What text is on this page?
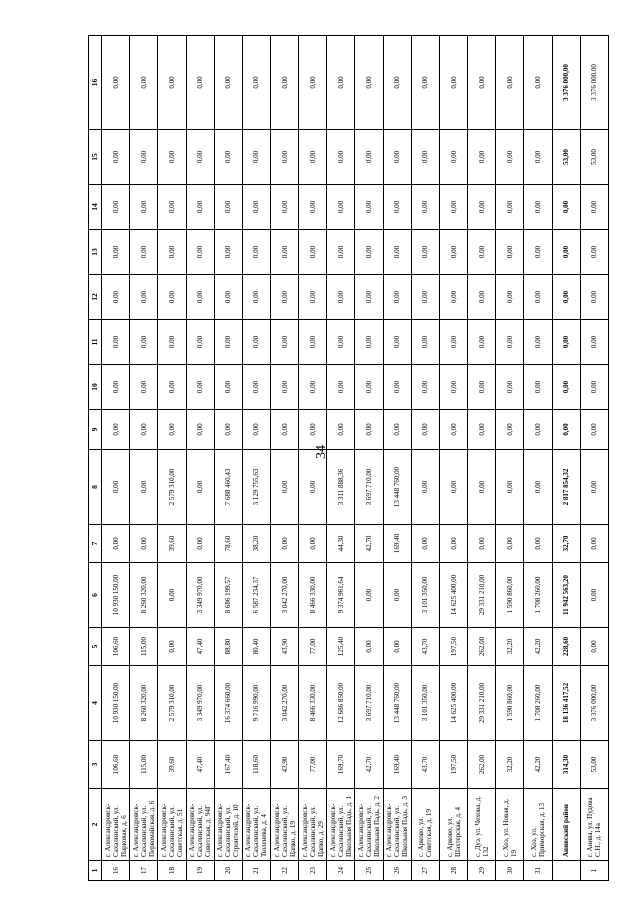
34
1	2	3	4	5	6	7	8	9	10	11	12	13	14	15	16
16	г. Александровск-Сахалинский, ул. Парковая, д. 6	106,60	10 930 150,00	106,60	10 930 150,00	0,00	0,00	0,00	0,00	0,00	0,00	0,00	0,00	0,00	0,00
17	г. Александровск-Сахалинский, ул. Первомайская, д. 6	115,00	8 260 320,00	115,00	8 260 320,00	0,00	0,00	0,00	0,00	0,00	0,00	0,00	0,00	0,00	0,00
18	г. Александровск-Сахалинский, ул. Советская, д. 51	39,60	2 579 310,00	0,00	0,00	39,60	2 579 310,00	0,00	0,00	0,00	0,00	0,00	0,00	0,00	0,00
19	г. Александровск-Сахалинский, ул. Советская, д. 94Г	47,40	3 349 970,00	47,40	3 349 970,00	0,00	0,00	0,00	0,00	0,00	0,00	0,00	0,00	0,00	0,00
20	г. Александровск-Сахалинский, ул. Строителей, д. 10	167,40	16 374 660,00	88,80	8 686 199,57	78,60	7 688 460,43	0,00	0,00	0,00	0,00	0,00	0,00	0,00	0,00
21	г. Александровск-Сахалинский, ул. Тюленева, д. 4	118,60	9 716 990,00	80,40	6 587 234,37	38,20	3 129 755,63	0,00	0,00	0,00	0,00	0,00	0,00	0,00	0,00
22	г. Александровск-Сахалинский, ул. Цапко, д. 19	43,90	3 042 270,00	43,90	3 042 270,00	0,00	0,00	0,00	0,00	0,00	0,00	0,00	0,00	0,00	0,00
23	г. Александровск-Сахалинский, ул. Цапко, д. 29	77,00	8 466 330,00	77,00	8 466 330,00	0,00	0,00	0,00	0,00	0,00	0,00	0,00	0,00	0,00	0,00
24	г. Александровск-Сахалинский, ул. Школьная Падь, д. 1	169,70	12 686 850,00	125,40	9 374 961,64	44,30	3 311 888,36	0,00	0,00	0,00	0,00	0,00	0,00	0,00	0,00
25	г. Александровск-Сахалинский, ул. Школьная Падь, д. 2	42,70	3 697 710,00	0,00	0,00	42,70	3 697 710,00	0,00	0,00	0,00	0,00	0,00	0,00	0,00	0,00
26	г. Александровск-Сахалинский, ул. Школьная Падь, д. 3	169,40	13 448 760,00	0,00	0,00	169,40	13 448 760,00	0,00	0,00	0,00	0,00	0,00	0,00	0,00	0,00
27	с. Арково, ул. Советская, д. 19	43,70	3 101 350,00	43,70	3 101 350,00	0,00	0,00	0,00	0,00	0,00	0,00	0,00	0,00	0,00	0,00
28	с. Арково, ул. Шахтерская, д. 4	197,50	14 625 400,00	197,50	14 625 400,00	0,00	0,00	0,00	0,00	0,00	0,00	0,00	0,00	0,00	0,00
29	с. Дуэ, ул. Чехова, д. 132	262,00	29 331 210,00	262,00	29 331 210,00	0,00	0,00	0,00	0,00	0,00	0,00	0,00	0,00	0,00	0,00
30	с. Хоэ, ул. Новая, д. 19	32,20	1 590 860,00	32,20	1 590 860,00	0,00	0,00	0,00	0,00	0,00	0,00	0,00	0,00	0,00	0,00
31	с. Хоэ, ул. Приморская, д. 13	42,20	1 708 260,00	42,20	1 708 260,00	0,00	0,00	0,00	0,00	0,00	0,00	0,00	0,00	0,00	0,00
	Анивский район	314,30	18 136 417,52	228,60	11 942 563,20	32,70	2 817 854,32	0,00	0,00	0,00	0,00	0,00	0,00	53,00	3 376 000,00
1	г. Анива, ул. Пудова С.Н., д. 14а	53,00	3 376 000,00	0,00	0,00	0,00	0,00	0,00	0,00	0,00	0,00	0,00	0,00	53,00	3 376 000,00
